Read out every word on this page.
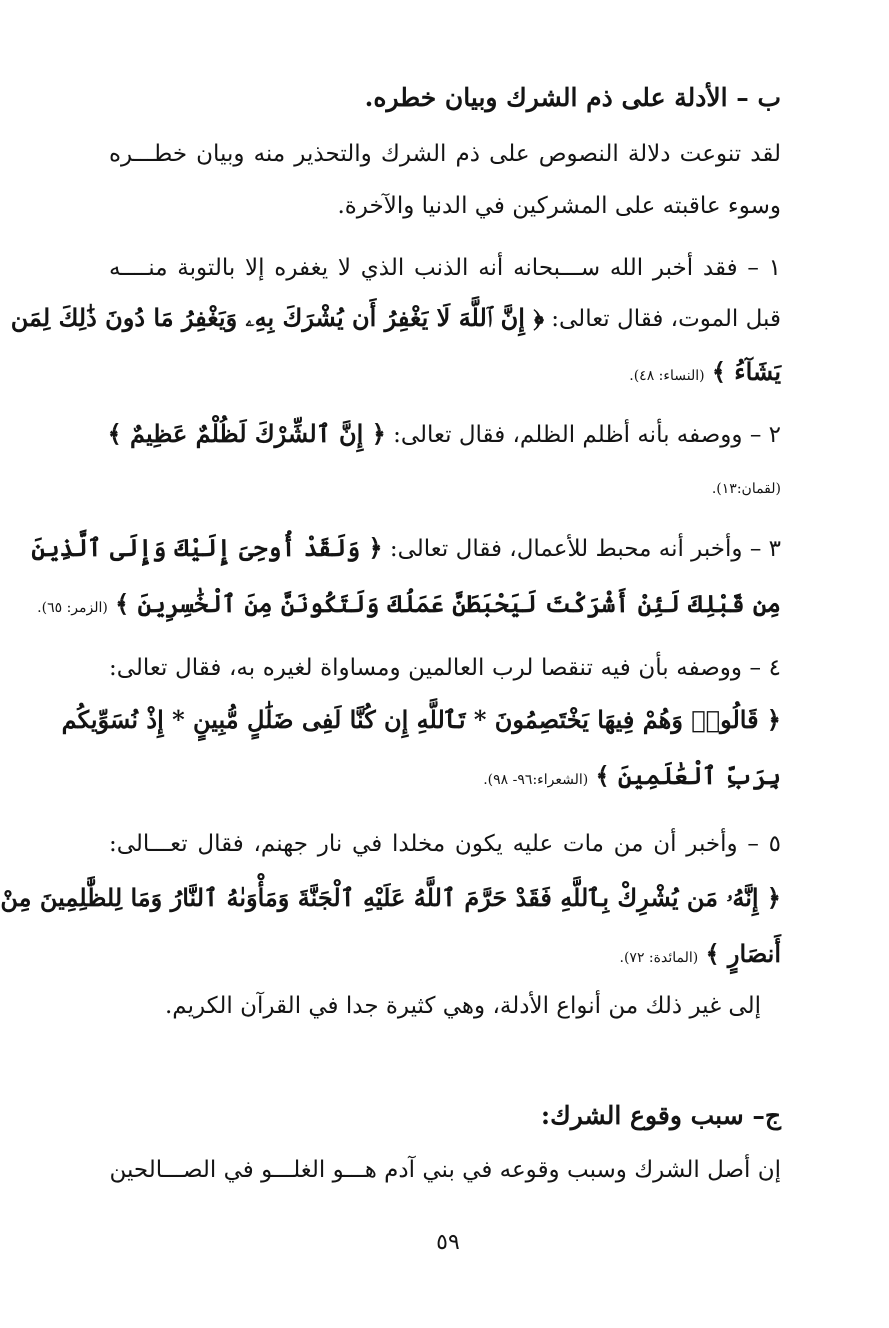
ب – الأدلة على ذم الشرك وبيان خطره.
لقد تنوعت دلالة النصوص على ذم الشرك والتحذير منه وبيان خطـــره
وسوء عاقبته على المشركين في الدنيا والآخرة.
١ – فقد أخبر الله ســـبحانه أنه الذنب الذي لا يغفره إلا بالتوبة منــــه
قبل الموت، فقال تعالى: ﴿ إِنَّ ٱللَّهَ لَا يَغْفِرُ أَن يُشْرَكَ بِهِۦ وَيَغْفِرُ مَا دُونَ ذَٰلِكَ لِمَن
يَشَآءُ ﴾ (النساء: ٤٨).
٢ – ووصفه بأنه أظلم الظلم، فقال تعالى: ﴿ إِنَّ ٱلشِّرْكَ لَظُلْمٌ عَظِيمٌ ﴾
(لقمان:١٣).
٣ – وأخبر أنه محبط للأعمال، فقال تعالى: ﴿ وَلَقَدْ أُوحِىَ إِلَيْكَ وَإِلَى ٱلَّذِينَ
مِن قَبْلِكَ لَئِنْ أَشْرَكْتَ لَيَحْبَطَنَّ عَمَلُكَ وَلَتَكُونَنَّ مِنَ ٱلْخَٰسِرِينَ ﴾ (الزمر: ٦٥).
٤ – ووصفه بأن فيه تنقصا لرب العالمين ومساواة لغيره به، فقال تعالى:
﴿ قَالُوا۟ وَهُمْ فِيهَا يَخْتَصِمُونَ * تَٱللَّهِ إِن كُنَّا لَفِى ضَلَٰلٍ مُّبِينٍ * إِذْ نُسَوِّيكُم
بِرَبِّ ٱلْعَٰلَمِينَ ﴾ (الشعراء:٩٦- ٩٨).
٥ – وأخبر أن من مات عليه يكون مخلدا في نار جهنم، فقال تعـــالى:
﴿ إِنَّهُۥ مَن يُشْرِكْ بِٱللَّهِ فَقَدْ حَرَّمَ ٱللَّهُ عَلَيْهِ ٱلْجَنَّةَ وَمَأْوَىٰهُ ٱلنَّارُ وَمَا لِلظَّٰلِمِينَ مِنْ
أَنصَارٍ ﴾ (المائدة: ٧٢).
إلى غير ذلك من أنواع الأدلة، وهي كثيرة جدا في القرآن الكريم.
ج– سبب وقوع الشرك:
إن أصل الشرك وسبب وقوعه في بني آدم هـــو الغلـــو في الصـــالحين
٥٩
